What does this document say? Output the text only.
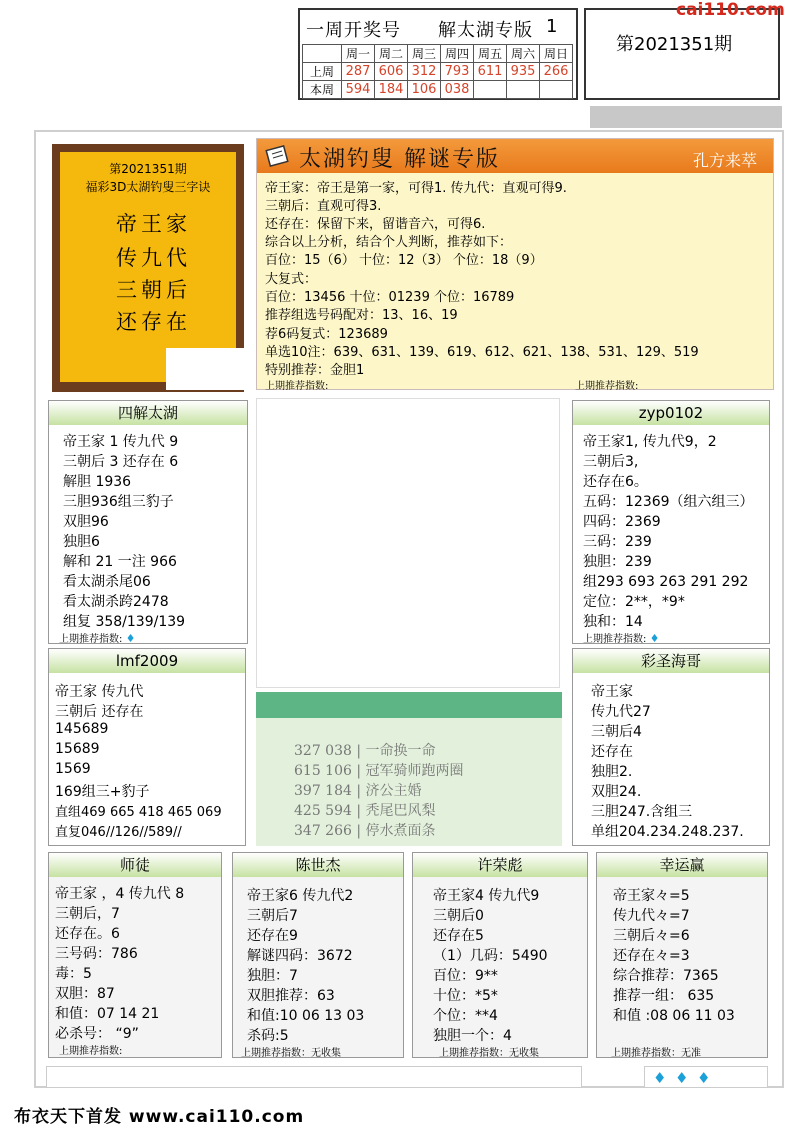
一周开奖号 解太湖专版 1
	周一	周二	周三	周四	周五	周六	周日
上周	287	606	312	793	611	935	266
本周	594	184	106	038			
第2021351期
cai110.com
第2021351期
福彩3D太湖钓叟三字诀
帝王家
传九代
三朝后
还存在
太湖钓叟 解谜专版	孔方来萃
帝王家：帝王是第一家，可得1. 传九代：直观可得9.
三朝后：直观可得3.
还存在：保留下来，留谐音六，可得6.
综合以上分析，结合个人判断，推荐如下：
百位：15（6） 十位：12（3） 个位：18（9）
大复式：
百位：13456 十位：01239 个位：16789
推荐组选号码配对：13、16、19
荐6码复式：123689
单选10注：639、631、139、619、612、621、138、531、129、519
特别推荐：金胆1
上期推荐指数:	上期推荐指数:
四解太湖
帝王家 1 传九代 9
三朝后 3 还存在 6
解胆 1936
三胆936组三豹子
双胆96
独胆6
解和 21 一注 966
看太湖杀尾06
看太湖杀跨2478
组复 358/139/139
上期推荐指数: ♦
zyp0102
帝王家1, 传九代9，2
三朝后3,
还存在6。
五码：12369（组六组三）
四码：2369
三码：239
独胆：239
组293 693 263 291 292
定位：2**，*9*
独和：14
上期推荐指数: ♦
lmf2009
帝王家 传九代
三朝后 还存在
145689
15689
1569
169组三+豹子
直组469 665 418 465 069
直复046//126//589//
彩圣海哥
帝王家
传九代27
三朝后4
还存在
独胆2.
双胆24.
三胆247.含组三
单组204.234.248.237.
327 038 | 一命换一命
615 106 | 冠军骑师跑两圈
397 184 | 济公主婚
425 594 | 秃尾巴风梨
347 266 | 停水煮面条
师徒
帝王家 ，4 传九代 8
三朝后，7
还存在。6
三号码：786
毒：5
双胆：87
和值：07 14 21
必杀号： “9”
上期推荐指数:
陈世杰
帝王家6 传九代2
三朝后7
还存在9
解谜四码：3672
独胆：7
双胆推荐：63
和值:10 06 13 03
杀码:5
上期推荐指数：无收集
许荣彪
帝王家4 传九代9
三朝后0
还存在5
（1）几码：5490
百位：9**
十位：*5*
个位：**4
独胆一个：4
上期推荐指数：无收集
幸运赢
帝王家々=5
传九代々=7
三朝后々=6
还存在々=3
综合推荐：7365
推荐一组： 635
和值 :08 06 11 03
上期推荐指数：无准
♦ ♦ ♦
布衣天下首发 www.cai110.com
